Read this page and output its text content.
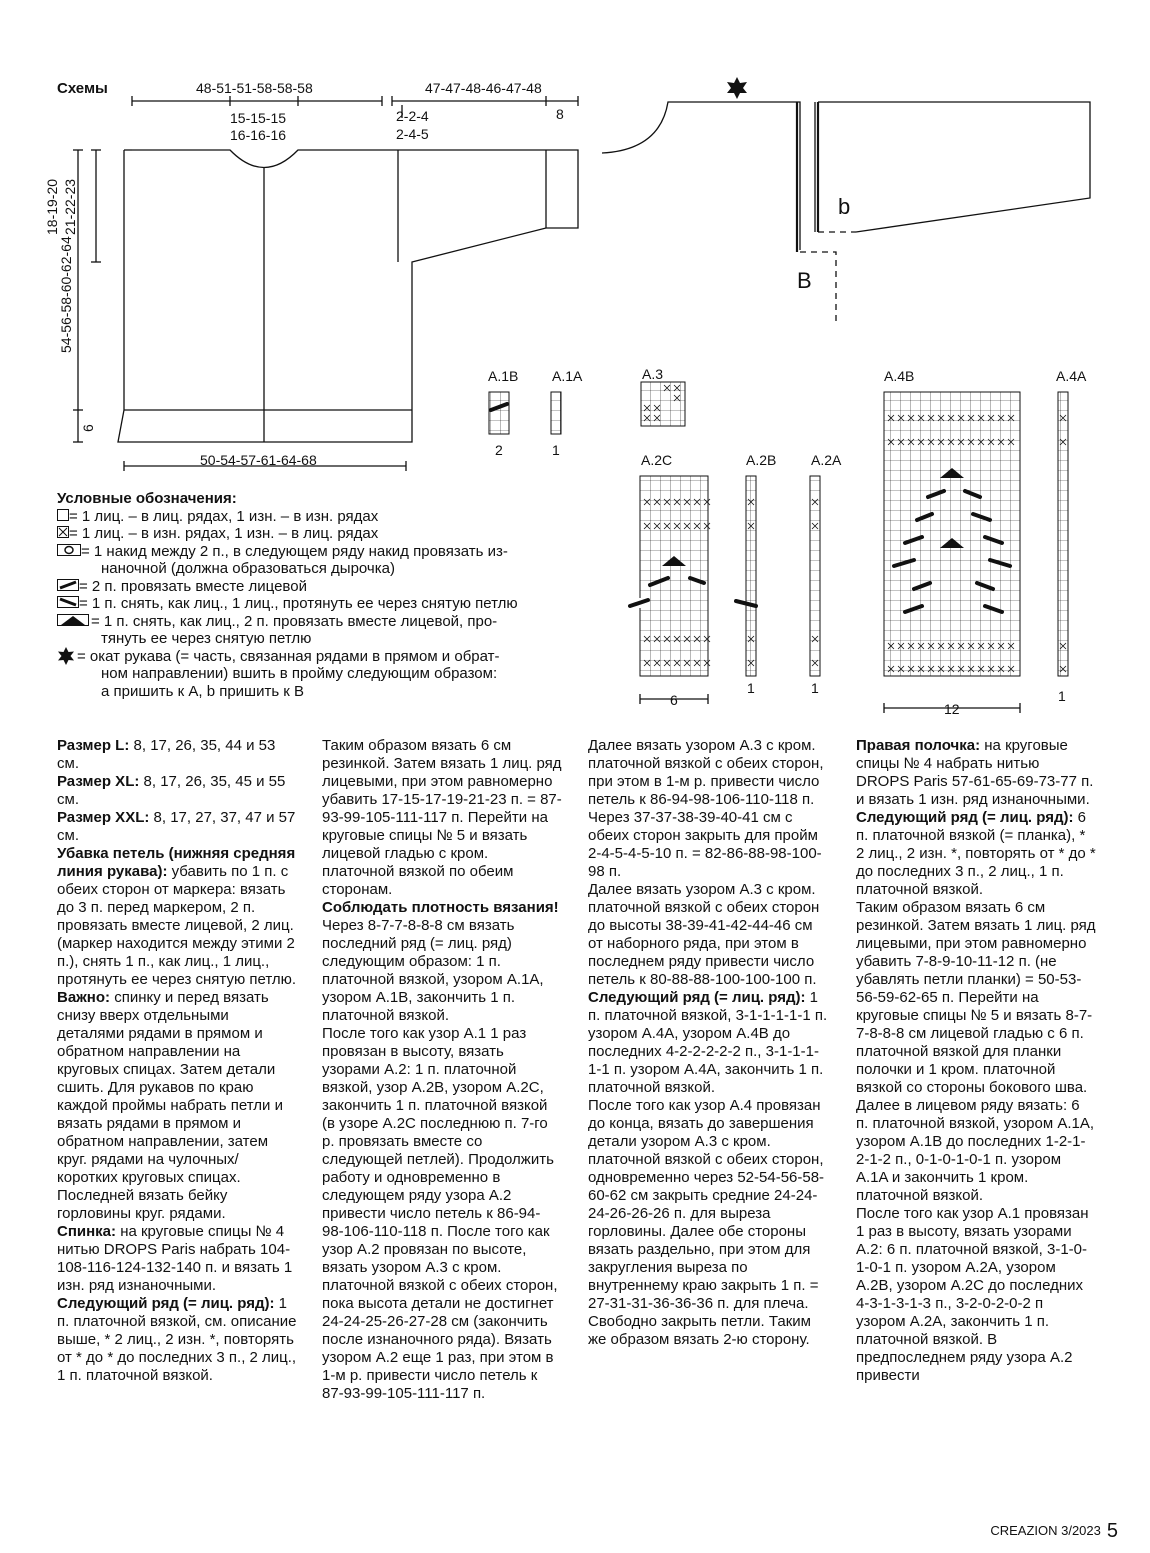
Схемы	48-51-51-58-58-58
15-15-15
16-16-16
47-47-48-46-47-48
8
2-2-4
2-4-5
18-19-20 21-22-23
54-56-58-60-62-64
6
50-54-57-61-64-68
b
B
A.1B A.1A
2	1
A.3
A.2C	A.2B A.2A
6
1	1
A.4B	A.4A
12
1
Условные обозначения:
= 1 лиц. – в лиц. рядах, 1 изн. – в изн. рядах

= 1 лиц. – в изн. рядах, 1 изн. – в лиц. рядах

= 1 накид между 2 п., в следующем ряду накид провязать из-

наночной (должна образоваться дырочка)
= 2 п. провязать вместе лицевой

= 1 п. снять, как лиц., 1 лиц., протянуть ее через снятую петлю

= 1 п. снять, как лиц., 2 п. провязать вместе лицевой, про-

тянуть ее через снятую петлю
= окат рукава (= часть, связанная рядами в прямом и обрат-

ном направлении) вшить в пройму следующим образом:
a пришить к A, b пришить к B

Размер L: 8, 17, 26, 35, 44 и 53 см.

Размер XL: 8, 17, 26, 35, 45 и 55 см.

Размер XXL: 8, 17, 27, 37, 47 и 57 см.

Убавка петель (нижняя средняя линия рукава): убавить по 1 п. с обеих сторон от маркера: вязать до 3 п. перед маркером, 2 п. провязать вместе лицевой, 2 лиц. (маркер находится между этими 2 п.), снять 1 п., как лиц., 1 лиц., протянуть ее через снятую петлю.

Важно: спинку и перед вязать снизу вверх отдельными деталями рядами в прямом и обратном направлении на круговых спицах. Затем детали сшить. Для рукавов по краю каждой проймы набрать петли и вязать рядами в прямом и обратном направлении, затем круг. рядами на чулочных/коротких круговых спицах. Последней вязать бейку горловины круг. рядами.

Спинка: на круговые спицы № 4 нитью DROPS Paris набрать 104-108-116-124-132-140 п. и вязать 1 изн. ряд изнаночными.

Следующий ряд (= лиц. ряд): 1 п. платочной вязкой, см. описание выше, * 2 лиц., 2 изн. *, повторять от * до * до последних 3 п., 2 лиц., 1 п. платочной вязкой.

Таким образом вязать 6 см резинкой. Затем вязать 1 лиц. ряд лицевыми, при этом равномерно убавить 17-15-17-19-21-23 п. = 87-93-99-105-111-117 п. Перейти на круговые спицы № 5 и вязать лицевой гладью с кром. платочной вязкой по обеим сторонам.

Соблюдать плотность вязания!

Через 8-7-7-8-8-8 см вязать последний ряд (= лиц. ряд) следующим образом: 1 п. платочной вязкой, узором A.1A, узором A.1B, закончить 1 п. платочной вязкой.

После того как узор A.1 1 раз провязан в высоту, вязать узорами A.2: 1 п. платочной вязкой, узор A.2B, узором A.2C, закончить 1 п. платочной вязкой (в узоре A.2C последнюю п. 7-го р. провязать вместе со следующей петлей). Продолжить работу и одновременно в следующем ряду узора A.2 привести число петель к 86-94-98-106-110-118 п. После того как узор A.2 провязан по высоте, вязать узором A.3 с кром. платочной вязкой с обеих сторон, пока высота детали не достигнет 24-24-25-26-27-28 см (закончить после изнаночного ряда). Вязать узором A.2 еще 1 раз, при этом в 1-м р. привести число петель к 87-93-99-105-111-117 п.

Далее вязать узором A.3 с кром. платочной вязкой с обеих сторон, при этом в 1-м р. привести число петель к 86-94-98-106-110-118 п. Через 37-37-38-39-40-41 см с обеих сторон закрыть для пройм 2-4-5-4-5-10 п. = 82-86-88-98-100-98 п.

Далее вязать узором A.3 с кром. платочной вязкой с обеих сторон до высоты 38-39-41-42-44-46 см от наборного ряда, при этом в последнем ряду привести число петель к 80-88-88-100-100-100 п.

Следующий ряд (= лиц. ряд): 1 п. платочной вязкой, 3-1-1-1-1-1 п. узором A.4A, узором A.4B до последних 4-2-2-2-2-2 п., 3-1-1-1-1-1 п. узором A.4A, закончить 1 п. платочной вязкой.

После того как узор A.4 провязан до конца, вязать до завершения детали узором A.3 с кром. платочной вязкой с обеих сторон, одновременно через 52-54-56-58-60-62 см закрыть средние 24-24-24-26-26-26 п. для выреза горловины. Далее обе стороны вязать раздельно, при этом для закругления выреза по внутреннему краю закрыть 1 п. = 27-31-31-36-36-36 п. для плеча. Свободно закрыть петли. Таким же образом вязать 2-ю сторону.

Правая полочка: на круговые спицы № 4 набрать нитью DROPS Paris 57-61-65-69-73-77 п. и вязать 1 изн. ряд изнаночными.

Следующий ряд (= лиц. ряд): 6 п. платочной вязкой (= планка), * 2 лиц., 2 изн. *, повторять от * до * до последних 3 п., 2 лиц., 1 п. платочной вязкой.

Таким образом вязать 6 см резинкой. Затем вязать 1 лиц. ряд лицевыми, при этом равномерно убавить 7-8-9-10-11-12 п. (не убавлять петли планки) = 50-53-56-59-62-65 п. Перейти на круговые спицы № 5 и вязать 8-7-7-8-8-8 см лицевой гладью с 6 п. платочной вязкой для планки полочки и 1 кром. платочной вязкой со стороны бокового шва. Далее в лицевом ряду вязать: 6 п. платочной вязкой, узором A.1A, узором A.1B до последних 1-2-1-2-1-2 п., 0-1-0-1-0-1 п. узором A.1A и закончить 1 кром. платочной вязкой.

После того как узор A.1 провязан 1 раз в высоту, вязать узорами A.2: 6 п. платочной вязкой, 3-1-0-1-0-1 п. узором A.2A, узором A.2B, узором A.2C до последних 4-3-1-3-1-3 п., 3-2-0-2-0-2 п узором A.2A, закончить 1 п. платочной вязкой. В предпоследнем ряду узора A.2 привести

CREAZION 3/2023 5
